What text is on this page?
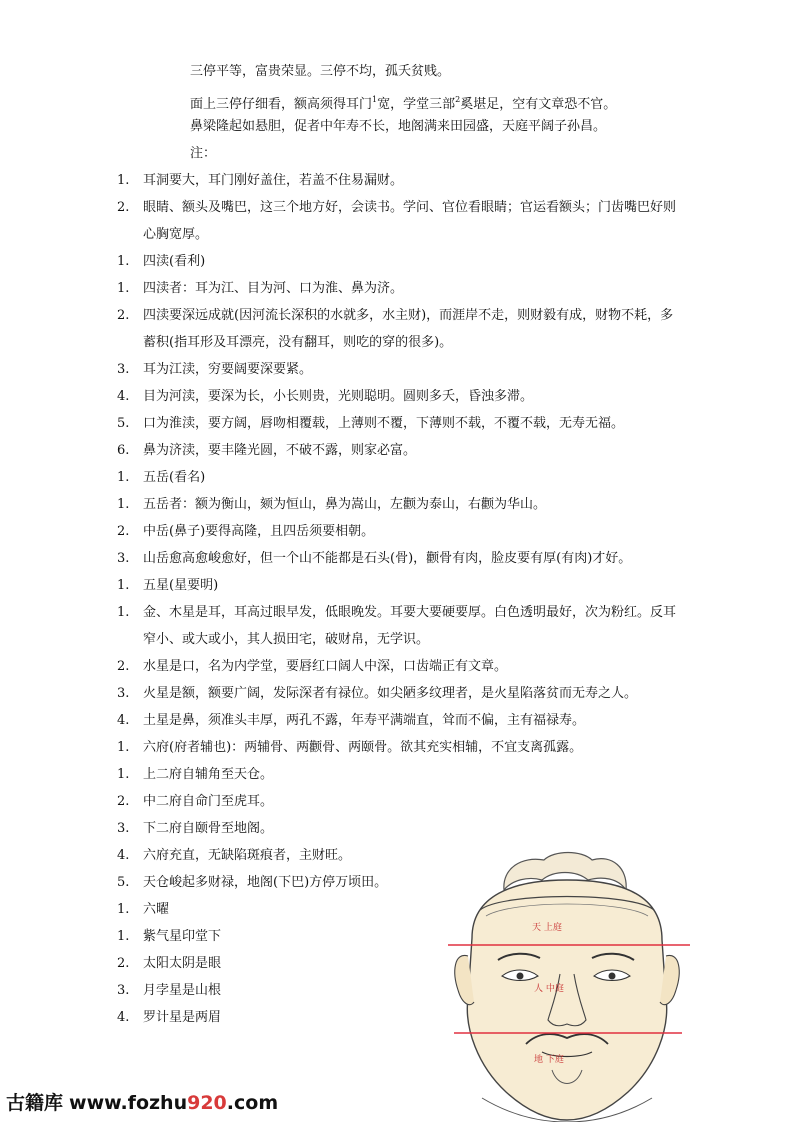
三停平等，富贵荣显。三停不均，孤夭贫贱。
面上三停仔细看，额高须得耳门$^1$宽，学堂三部$^2$奚堪足，空有文章恐不官。
鼻梁隆起如悬胆，促者中年寿不长，地阁满来田园盛，天庭平阔子孙昌。
注：
1.	耳洞要大，耳门刚好盖住，若盖不住易漏财。
2.	眼睛、额头及嘴巴，这三个地方好，会读书。学问、官位看眼睛；官运看额头；门齿嘴巴好则
心胸宽厚。
1.	四渎(看利)
1.	四渎者：耳为江、目为河、口为淮、鼻为济。
2.	四渎要深远成就(因河流长深积的水就多，水主财)，而涯岸不走，则财毅有成，财物不耗，多
蓄积(指耳形及耳漂亮，没有翻耳，则吃的穿的很多)。
3.	耳为江渎，穷要阔要深要紧。
4.	目为河渎，要深为长，小长则贵，光则聪明。圆则多夭，昏浊多滞。
5.	口为淮渎，要方阔，唇吻相覆载，上薄则不覆，下薄则不载，不覆不载，无寿无福。
6.	鼻为济渎，要丰隆光圆，不破不露，则家必富。
1.	五岳(看名)
1.	五岳者：额为衡山，颏为恒山，鼻为嵩山，左颧为泰山，右颧为华山。
2.	中岳(鼻子)要得高隆，且四岳须要相朝。
3.	山岳愈高愈峻愈好，但一个山不能都是石头(骨)，颧骨有肉，脸皮要有厚(有肉)才好。
1.	五星(星要明)
1.	金、木星是耳，耳高过眼早发，低眼晚发。耳要大要硬要厚。白色透明最好，次为粉红。反耳
窄小、或大或小，其人损田宅，破财帛，无学识。
2.	水星是口，名为内学堂，要唇红口阔人中深，口齿端正有文章。
3.	火星是额，额要广阔，发际深者有禄位。如尖陋多纹理者，是火星陷落贫而无寿之人。
4.	土星是鼻，须准头丰厚，两孔不露，年寿平满端直，耸而不偏，主有福禄寿。
1.	六府(府者辅也)：两辅骨、两颧骨、两颐骨。欲其充实相辅，不宜支离孤露。
1.	上二府自辅角至天仓。
2.	中二府自命门至虎耳。
3.	下二府自颐骨至地阁。
4.	六府充直，无缺陷斑痕者，主财旺。
5.	天仓峻起多财禄，地阁(下巴)方停万顷田。
1.	六曜
1.	紫气星印堂下
2.	太阳太阴是眼
3.	月孛星是山根
4.	罗计星是两眉
天 上庭
人 中庭
地 下庭
古籍库 www.fozhu920.com
